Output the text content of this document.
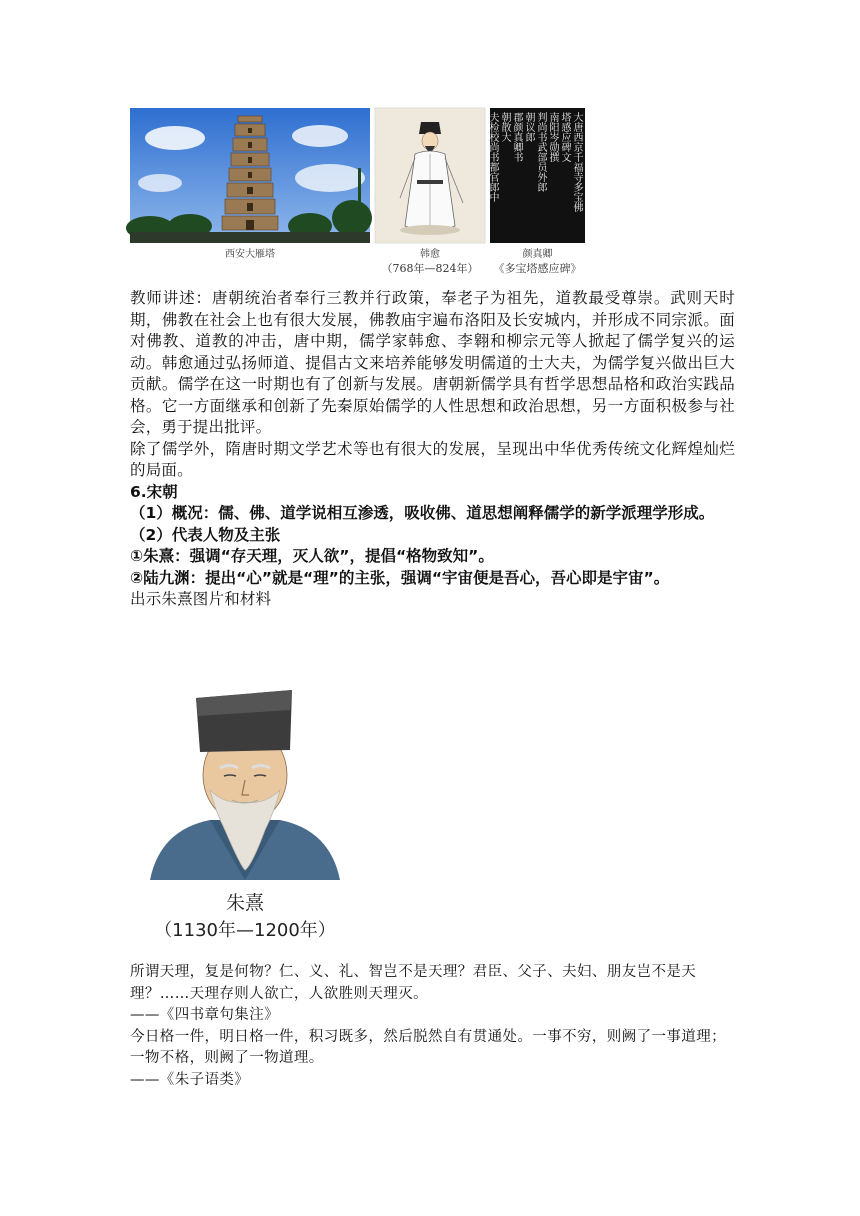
西安大雁塔	韩愈
（768年—824年）
大唐西京千福寺多宝佛
塔感应碑文
南阳岑勋撰
判尚书武部员外郎
朝议郎
郡颜真卿书
朝散大
夫检校尚书都官郎中
颜真卿
《多宝塔感应碑》

教师讲述：唐朝统治者奉行三教并行政策，奉老子为祖先，道教最受尊崇。武则天时期，佛教在社会上也有很大发展，佛教庙宇遍布洛阳及长安城内，并形成不同宗派。面对佛教、道教的冲击，唐中期，儒学家韩愈、李翱和柳宗元等人掀起了儒学复兴的运动。韩愈通过弘扬师道、提倡古文来培养能够发明儒道的士大夫，为儒学复兴做出巨大贡献。儒学在这一时期也有了创新与发展。唐朝新儒学具有哲学思想品格和政治实践品格。它一方面继承和创新了先秦原始儒学的人性思想和政治思想，另一方面积极参与社会，勇于提出批评。

除了儒学外，隋唐时期文学艺术等也有很大的发展，呈现出中华优秀传统文化辉煌灿烂的局面。

6.宋朝

（1）概况：儒、佛、道学说相互渗透，吸收佛、道思想阐释儒学的新学派理学形成。

（2）代表人物及主张

①朱熹：强调“存天理，灭人欲”，提倡“格物致知”。

②陆九渊：提出“心”就是“理”的主张，强调“宇宙便是吾心，吾心即是宇宙”。

出示朱熹图片和材料

朱熹
（1130年—1200年）

所谓天理，复是何物？仁、义、礼、智岂不是天理？君臣、父子、夫妇、朋友岂不是天理？……天理存则人欲亡，人欲胜则天理灭。

——《四书章句集注》

今日格一件，明日格一件，积习既多，然后脱然自有贯通处。一事不穷，则阙了一事道理；一物不格，则阙了一物道理。

——《朱子语类》
